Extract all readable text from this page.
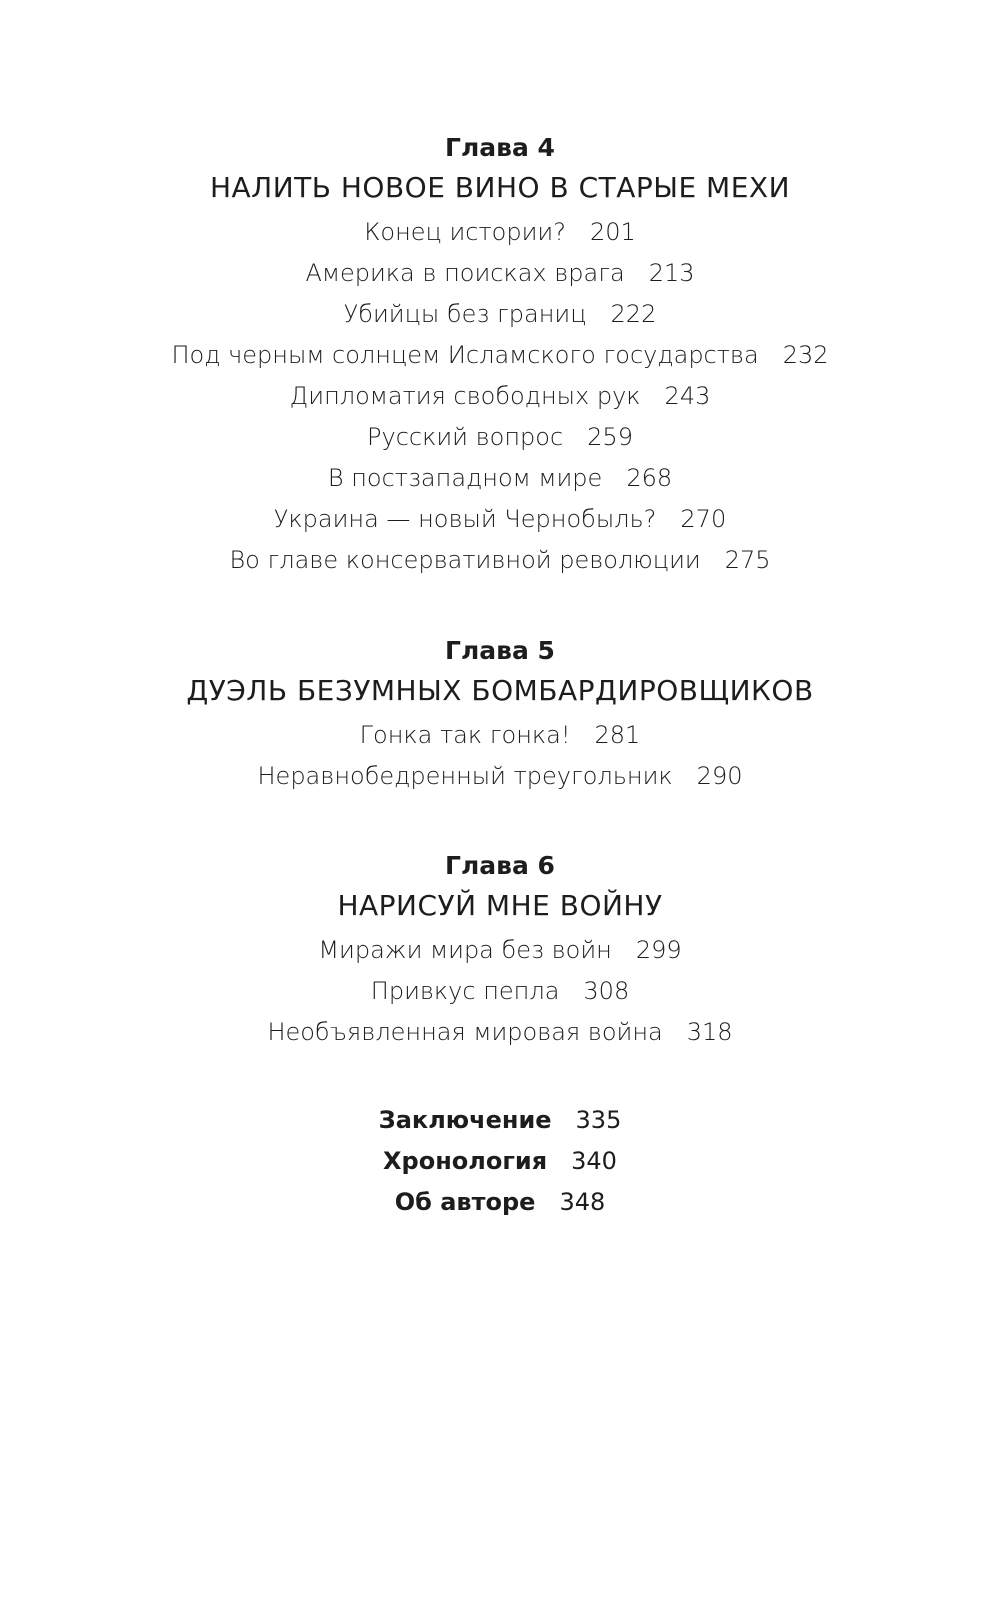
Глава 4
НАЛИТЬ НОВОЕ ВИНО В СТАРЫЕ МЕХИ
Конец истории? 201
Америка в поисках врага 213
Убийцы без границ 222
Под черным солнцем Исламского государства 232
Дипломатия свободных рук 243
Русский вопрос 259
В постзападном мире 268
Украина — новый Чернобыль? 270
Во главе консервативной революции 275
Глава 5
ДУЭЛЬ БЕЗУМНЫХ БОМБАРДИРОВЩИКОВ
Гонка так гонка! 281
Неравнобедренный треугольник 290
Глава 6
НАРИСУЙ МНЕ ВОЙНУ
Миражи мира без войн 299
Привкус пепла 308
Необъявленная мировая война 318
Заключение 335
Хронология 340
Об авторе 348
